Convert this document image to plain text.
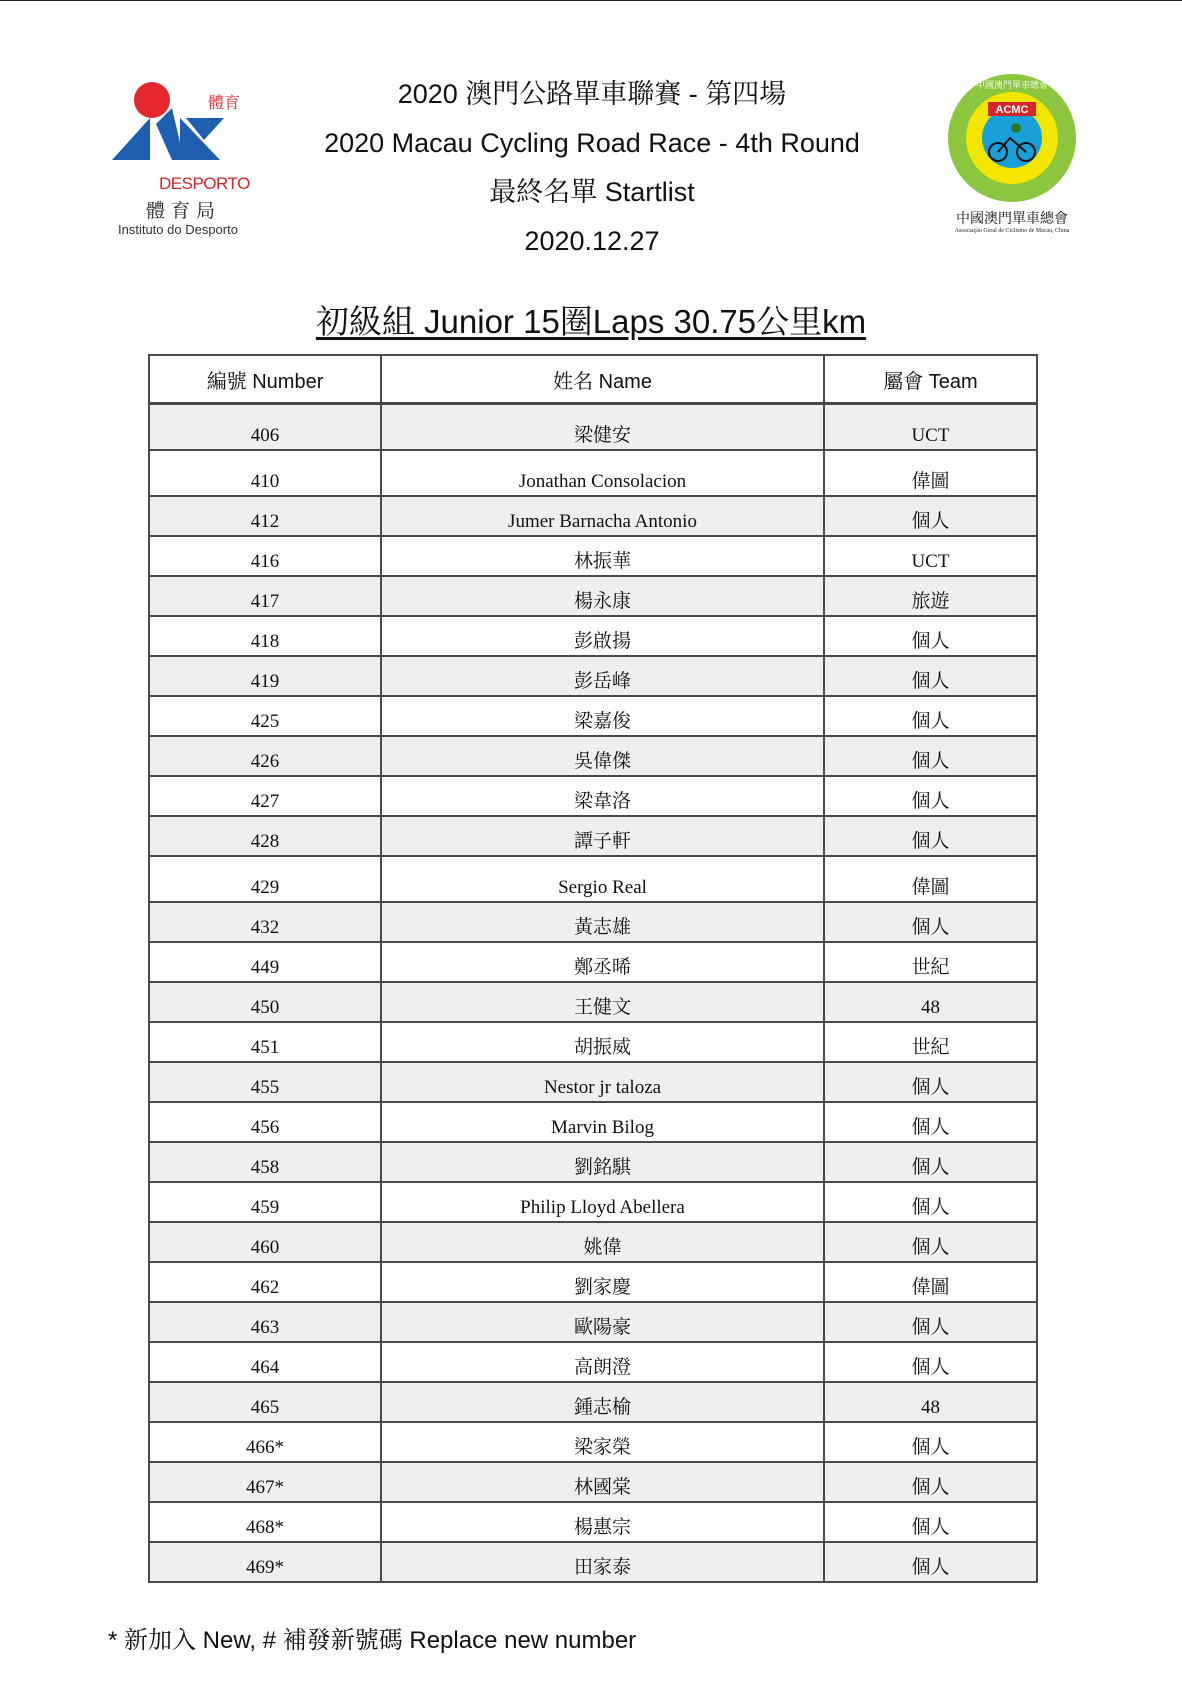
體育
DESPORTO
體育局
Instituto do Desporto
2020 澳門公路單車聯賽 - 第四場
2020 Macau Cycling Road Race - 4th Round
最終名單 Startlist
2020.12.27
ACMC
中國澳門單車總會
中國澳門單車總會
Associação Geral de Ciclismo de Macau, China
初級組 Junior 15圈Laps 30.75公里km
編號 Number	姓名 Name	屬會 Team
406	梁健安	UCT
410	Jonathan Consolacion	偉圖
412	Jumer Barnacha Antonio	個人
416	林振華	UCT
417	楊永康	旅遊
418	彭啟揚	個人
419	彭岳峰	個人
425	梁嘉俊	個人
426	吳偉傑	個人
427	梁韋洛	個人
428	譚子軒	個人
429	Sergio Real	偉圖
432	黃志雄	個人
449	鄭丞晞	世紀
450	王健文	48
451	胡振威	世紀
455	Nestor jr taloza	個人
456	Marvin Bilog	個人
458	劉銘騏	個人
459	Philip Lloyd Abellera	個人
460	姚偉	個人
462	劉家慶	偉圖
463	歐陽豪	個人
464	高朗澄	個人
465	鍾志榆	48
466*	梁家榮	個人
467*	林國棠	個人
468*	楊惠宗	個人
469*	田家泰	個人
* 新加入 New, # 補發新號碼 Replace new number
